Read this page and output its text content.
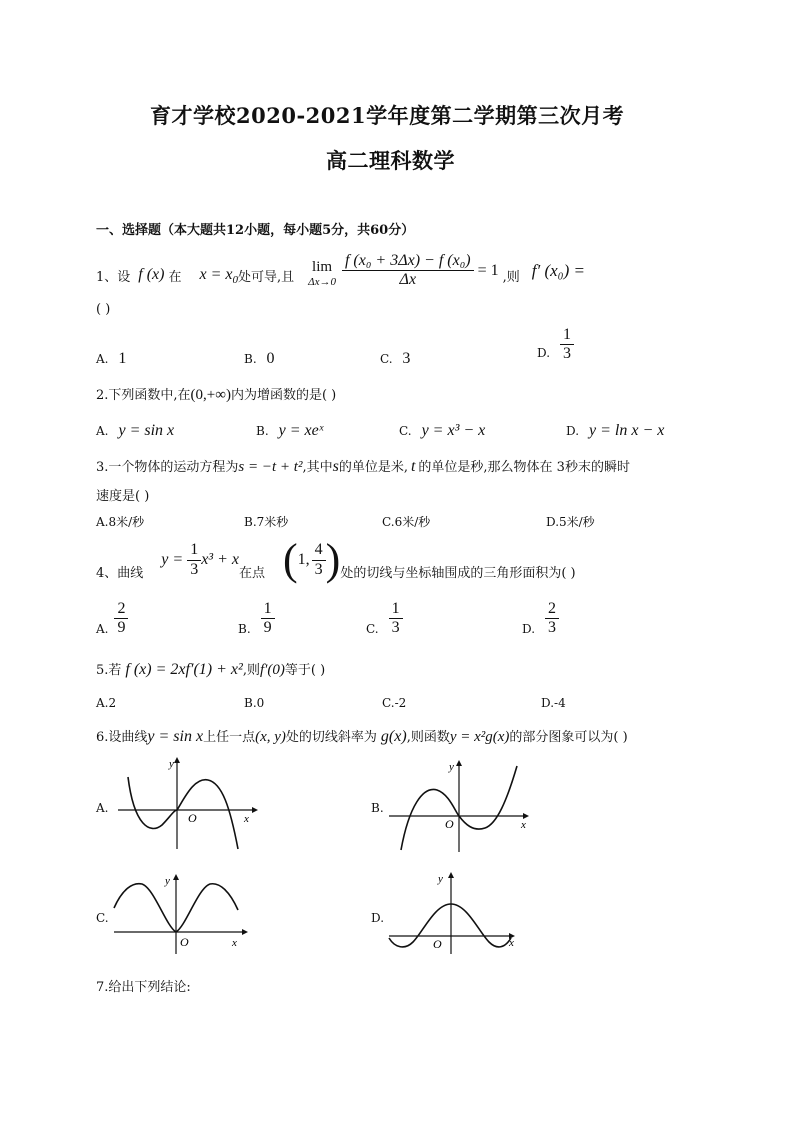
育才学校2020-2021学年度第二学期第三次月考
高二理科数学
一、选择题（本大题共12小题，每小题5分，共60分）
1、设 f (x) 在 $x = x_0$ 处可导,且
lim
$\Delta x\to 0 \frac{\text{f (x₀ + 3Δx) − f (x₀)}}{\Delta x} = 1$ ,则 f′ (x₀) =
( )
A. 1	B. 0	C. 3	D. $\frac{1}{3}$
2.下列函数中,在(0,+∞)内为增函数的是( )
A. y = sin x	B. y = xeˣ	C. y = x³ − x	D. y = ln x − x
3.一个物体的运动方程为s = −t + t²,其中s的单位是米, t 的单位是秒,那么物体在 3秒末的瞬时
速度是( )
A.8米/秒	B.7米秒	C.6米/秒	D.5米/秒
4、曲线
$y = \frac{1}{3} x^3 + x$
在点 ( 1, $\frac{4}{3}$ ) 处的切线与坐标轴围成的三角形面积为( )
A. $\frac{2}{9}$	B. $\frac{1}{9}$	C. $\frac{1}{3}$	D. $\frac{2}{3}$
5.若 f (x) = 2xf′(1) + x²,则f′(0)等于( )
A.2	B.0	C.-2	D.-4
6.设曲线y = sin x上任一点(x, y)处的切线斜率为 g(x),则函数y = x²g(x)的部分图象可以为( )
A.
y
O	x
B.
y
O	x
C.
y
O	x
D.
y
O	x
7.给出下列结论:
